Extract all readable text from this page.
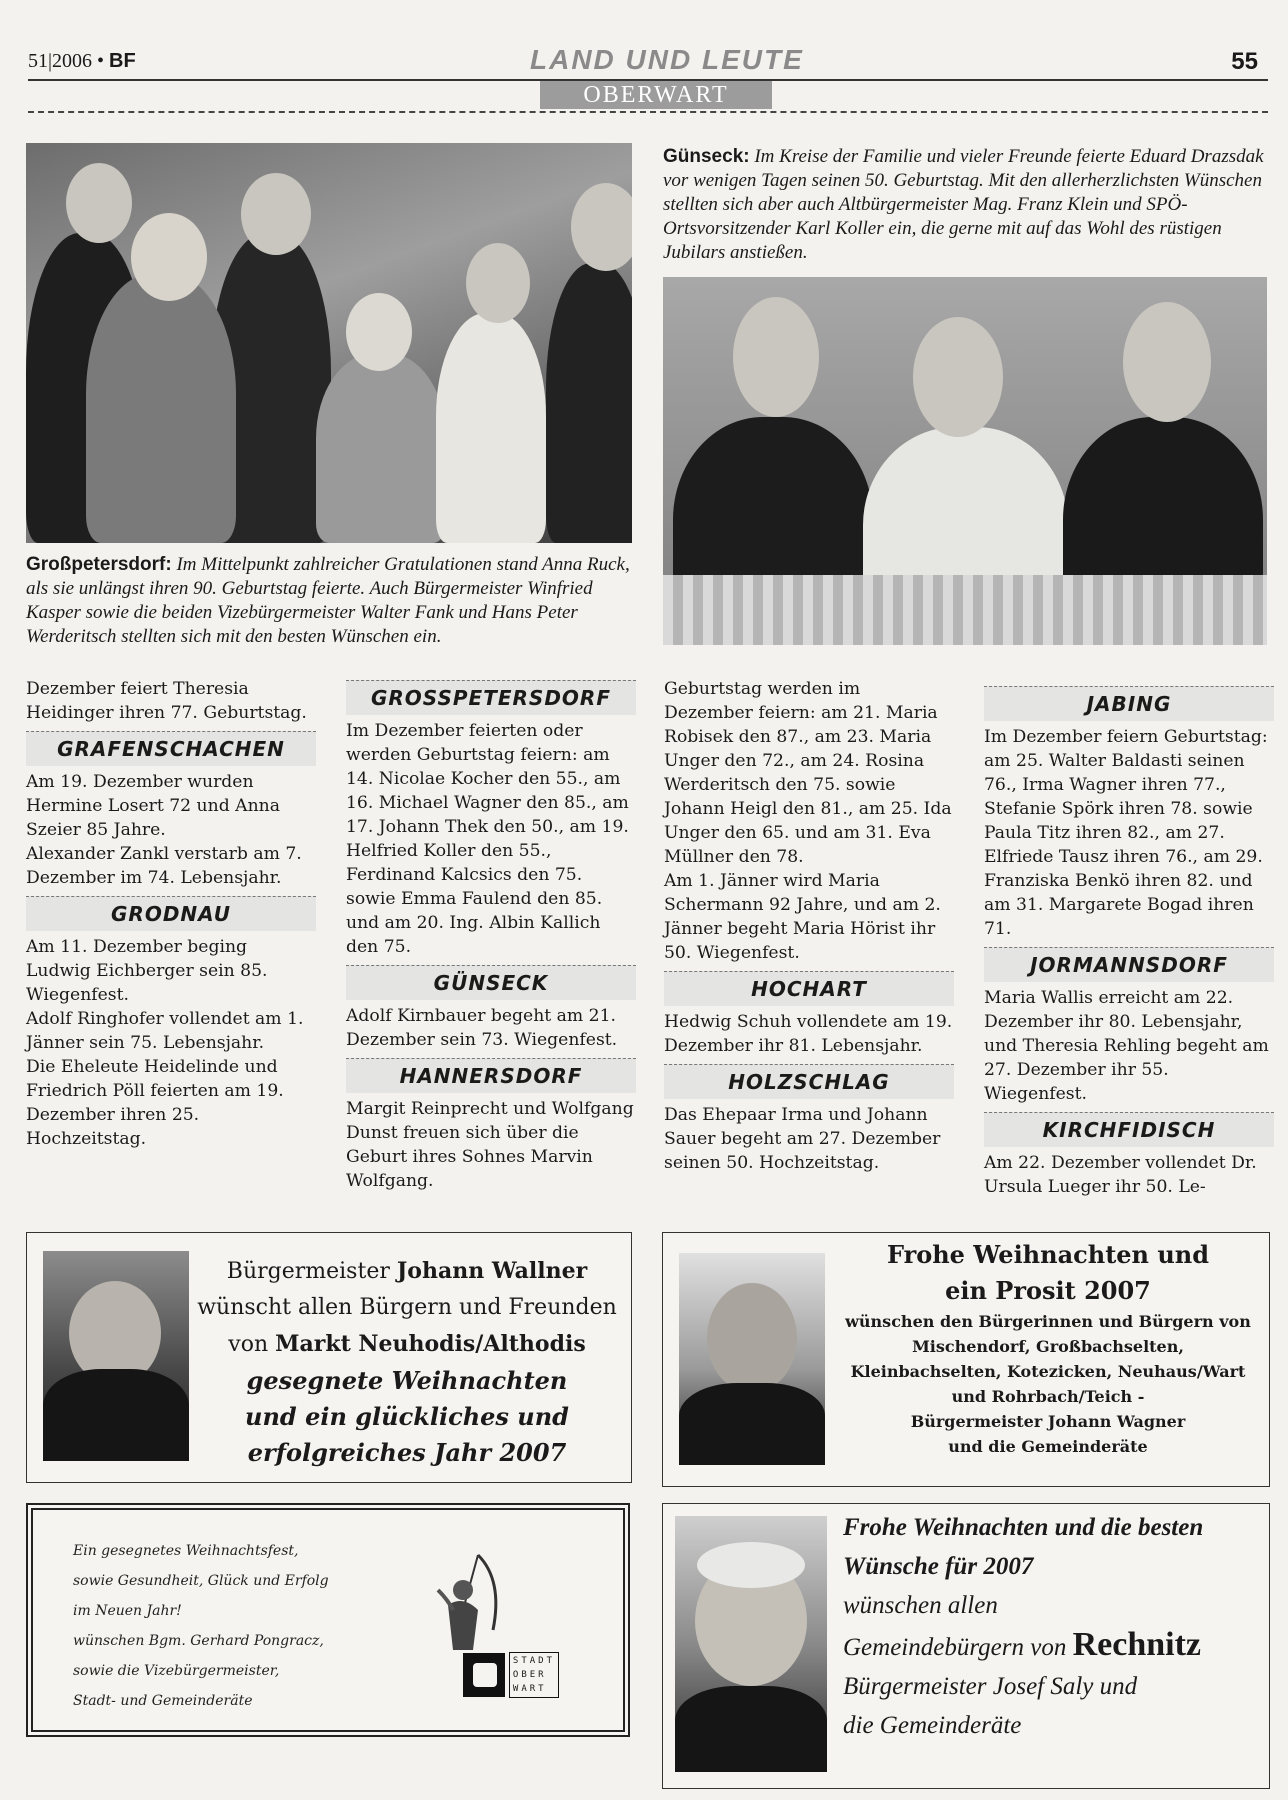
51|2006 • BF	LAND UND LEUTE	55
OBERWART
Großpetersdorf: Im Mittelpunkt zahlreicher Gratulationen stand Anna Ruck, als sie unlängst ihren 90. Geburtstag feierte. Auch Bürgermeister Winfried Kasper sowie die beiden Vizebürgermeister Walter Fank und Hans Peter Werderitsch stellten sich mit den besten Wünschen ein.
Günseck: Im Kreise der Familie und vieler Freunde feierte Eduard Drazsdak vor wenigen Tagen seinen 50. Geburtstag. Mit den allerherzlichsten Wünschen stellten sich aber auch Altbürgermeister Mag. Franz Klein und SPÖ-Ortsvorsitzender Karl Koller ein, die gerne mit auf das Wohl des rüstigen Jubilars anstießen.

Dezember feiert Theresia Heidinger ihren 77. Geburtstag.

GRAFENSCHACHEN

Am 19. Dezember wurden Hermine Losert 72 und Anna Szeier 85 Jahre.

Alexander Zankl verstarb am 7. Dezember im 74. Lebensjahr.

GRODNAU

Am 11. Dezember beging Ludwig Eichberger sein 85. Wiegenfest.

Adolf Ringhofer vollendet am 1. Jänner sein 75. Lebensjahr.

Die Eheleute Heidelinde und Friedrich Pöll feierten am 19. Dezember ihren 25. Hochzeitstag.

GROSSPETERSDORF

Im Dezember feierten oder werden Geburtstag feiern: am 14. Nicolae Kocher den 55., am 16. Michael Wagner den 85., am 17. Johann Thek den 50., am 19. Helfried Koller den 55., Ferdinand Kalcsics den 75. sowie Emma Faulend den 85. und am 20. Ing. Albin Kallich den 75.

GÜNSECK

Adolf Kirnbauer begeht am 21. Dezember sein 73. Wiegenfest.

HANNERSDORF

Margit Reinprecht und Wolfgang Dunst freuen sich über die Geburt ihres Sohnes Marvin Wolfgang.

Geburtstag werden im Dezember feiern: am 21. Maria Robisek den 87., am 23. Maria Unger den 72., am 24. Rosina Werderitsch den 75. sowie Johann Heigl den 81., am 25. Ida Unger den 65. und am 31. Eva Müllner den 78.

Am 1. Jänner wird Maria Schermann 92 Jahre, und am 2. Jänner begeht Maria Hörist ihr 50. Wiegenfest.

HOCHART

Hedwig Schuh vollendete am 19. Dezember ihr 81. Lebensjahr.

HOLZSCHLAG

Das Ehepaar Irma und Johann Sauer begeht am 27. Dezember seinen 50. Hochzeitstag.

JABING

Im Dezember feiern Geburtstag: am 25. Walter Baldasti seinen 76., Irma Wagner ihren 77., Stefanie Spörk ihren 78. sowie Paula Titz ihren 82., am 27. Elfriede Tausz ihren 76., am 29. Franziska Benkö ihren 82. und am 31. Margarete Bogad ihren 71.

JORMANNSDORF

Maria Wallis erreicht am 22. Dezember ihr 80. Lebensjahr, und Theresia Rehling begeht am 27. Dezember ihr 55. Wiegenfest.

KIRCHFIDISCH

Am 22. Dezember vollendet Dr. Ursula Lueger ihr 50. Le-

Bürgermeister Johann Wallner
wünscht allen Bürgern und Freunden
von Markt Neuhodis/Althodis
gesegnete Weihnachten
und ein glückliches und
erfolgreiches Jahr 2007
Frohe Weihnachten und
ein Prosit 2007
wünschen den Bürgerinnen und Bürgern von
Mischendorf, Großbachselten,
Kleinbachselten, Kotezicken, Neuhaus/Wart
und Rohrbach/Teich -
Bürgermeister Johann Wagner
und die Gemeinderäte
Ein gesegnetes Weihnachtsfest,
sowie Gesundheit, Glück und Erfolg
im Neuen Jahr!
wünschen Bgm. Gerhard Pongracz,
sowie die Vizebürgermeister,
Stadt- und Gemeinderäte
STADT
OBER
WART
Frohe Weihnachten und die besten
Wünsche für 2007
wünschen allen
Gemeindebürgern von Rechnitz
Bürgermeister Josef Saly und
die Gemeinderäte
